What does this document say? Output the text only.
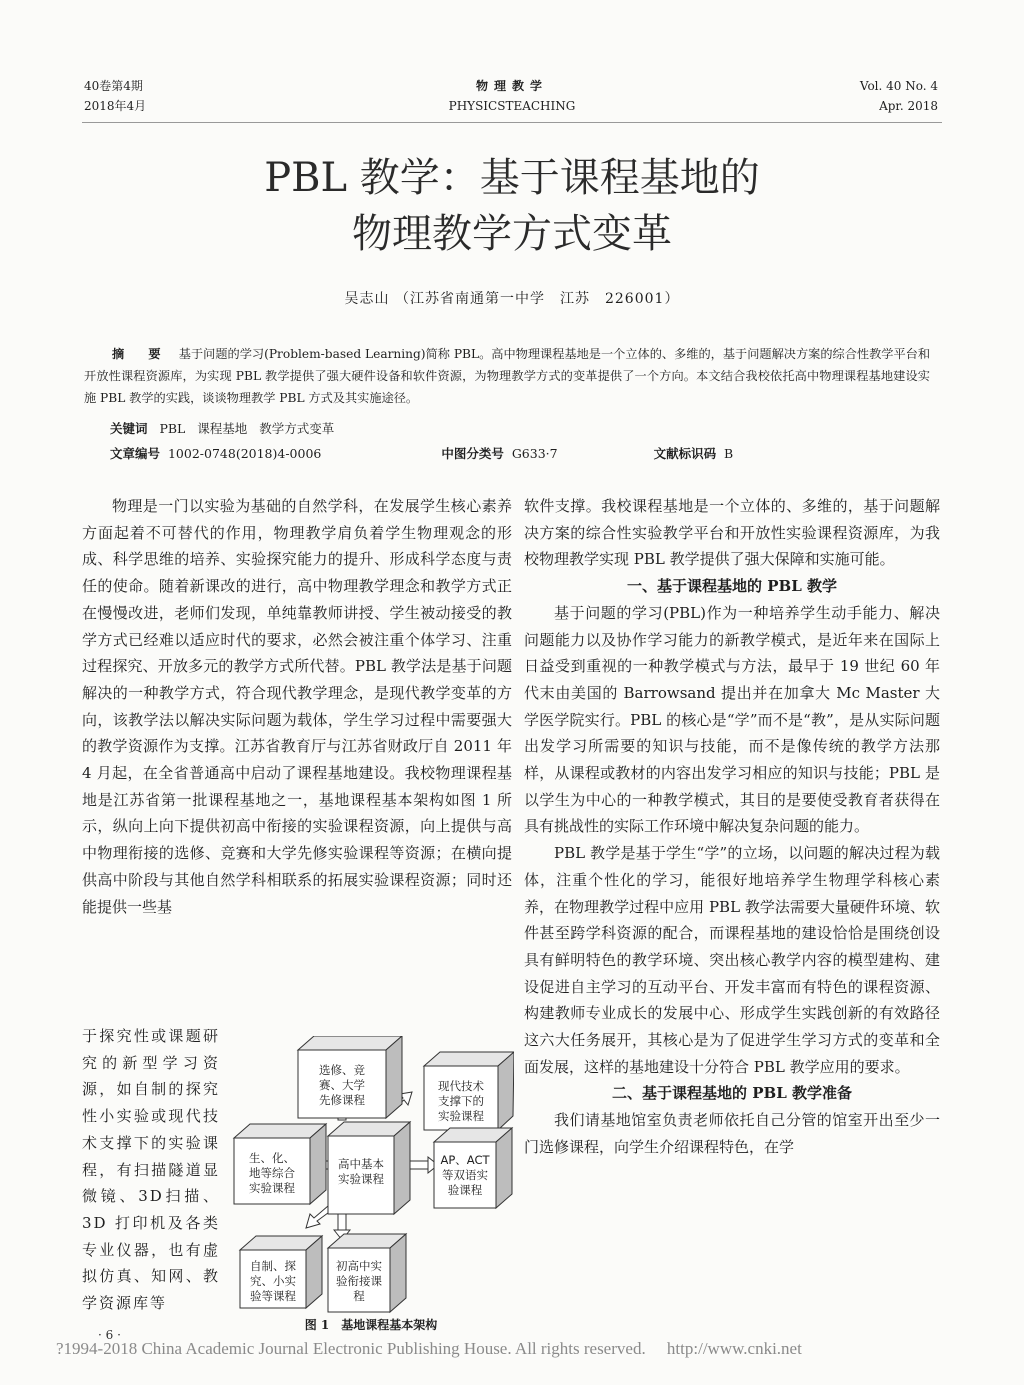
40卷第4期
2018年4月
物理教学
PHYSICSTEACHING
Vol. 40 No. 4
Apr. 2018
PBL 教学：基于课程基地的
物理教学方式变革
吴志山 （江苏省南通第一中学　江苏　226001）
摘　要　 基于问题的学习(Problem-based Learning)简称 PBL。高中物理课程基地是一个立体的、多维的，基于问题解决方案的综合性教学平台和开放性课程资源库，为实现 PBL 教学提供了强大硬件设备和软件资源，为物理教学方式的变革提供了一个方向。本文结合我校依托高中物理课程基地建设实施 PBL 教学的实践，谈谈物理教学 PBL 方式及其实施途径。
关键词 PBL 课程基地 教学方式变革
文章编号 1002-0748(2018)4-0006	中图分类号 G633·7	文献标识码 B

物理是一门以实验为基础的自然学科，在发展学生核心素养方面起着不可替代的作用，物理教学肩负着学生物理观念的形成、科学思维的培养、实验探究能力的提升、形成科学态度与责任的使命。随着新课改的进行，高中物理教学理念和教学方式正在慢慢改进，老师们发现，单纯靠教师讲授、学生被动接受的教学方式已经难以适应时代的要求，必然会被注重个体学习、注重过程探究、开放多元的教学方式所代替。PBL 教学法是基于问题解决的一种教学方式，符合现代教学理念，是现代教学变革的方向，该教学法以解决实际问题为载体，学生学习过程中需要强大的教学资源作为支撑。江苏省教育厅与江苏省财政厅自 2011 年 4 月起，在全省普通高中启动了课程基地建设。我校物理课程基地是江苏省第一批课程基地之一，基地课程基本架构如图 1 所示，纵向上向下提供初高中衔接的实验课程资源，向上提供与高中物理衔接的选修、竞赛和大学先修实验课程等资源；在横向提供高中阶段与其他自然学科相联系的拓展实验课程资源；同时还能提供一些基

于探究性或课题研究的新型学习资源，如自制的探究性小实验或现代技术支撑下的实验课程，有扫描隧道显微镜、3D扫描、3D 打印机及各类专业仪器，也有虚拟仿真、知网、教学资源库等
选修、竞赛、大学先修课程
现代技术支撑下的实验课程
生、化、地等综合实验课程
高中基本实验课程
AP、ACT 等双语实验课程
自制、探究、小实验等课程
初高中实验衔接课程
图 1　基地课程基本架构

软件支撑。我校课程基地是一个立体的、多维的，基于问题解决方案的综合性实验教学平台和开放性实验课程资源库，为我校物理教学实现 PBL 教学提供了强大保障和实施可能。

一、基于课程基地的 PBL 教学

基于问题的学习(PBL)作为一种培养学生动手能力、解决问题能力以及协作学习能力的新教学模式，是近年来在国际上日益受到重视的一种教学模式与方法，最早于 19 世纪 60 年代末由美国的 Barrowsand 提出并在加拿大 Mc Master 大学医学院实行。PBL 的核心是“学”而不是“教”，是从实际问题出发学习所需要的知识与技能，而不是像传统的教学方法那样，从课程或教材的内容出发学习相应的知识与技能；PBL 是以学生为中心的一种教学模式，其目的是要使受教育者获得在具有挑战性的实际工作环境中解决复杂问题的能力。

PBL 教学是基于学生“学”的立场，以问题的解决过程为载体，注重个性化的学习，能很好地培养学生物理学科核心素养，在物理教学过程中应用 PBL 教学法需要大量硬件环境、软件甚至跨学科资源的配合，而课程基地的建设恰恰是围绕创设具有鲜明特色的教学环境、突出核心教学内容的模型建构、建设促进自主学习的互动平台、开发丰富而有特色的课程资源、构建教师专业成长的发展中心、形成学生实践创新的有效路径这六大任务展开，其核心是为了促进学生学习方式的变革和全面发展，这样的基地建设十分符合 PBL 教学应用的要求。

二、基于课程基地的 PBL 教学准备

我们请基地馆室负责老师依托自己分管的馆室开出至少一门选修课程，向学生介绍课程特色，在学

· 6 ·
?1994-2018 China Academic Journal Electronic Publishing House. All rights reserved.　 http://www.cnki.net
